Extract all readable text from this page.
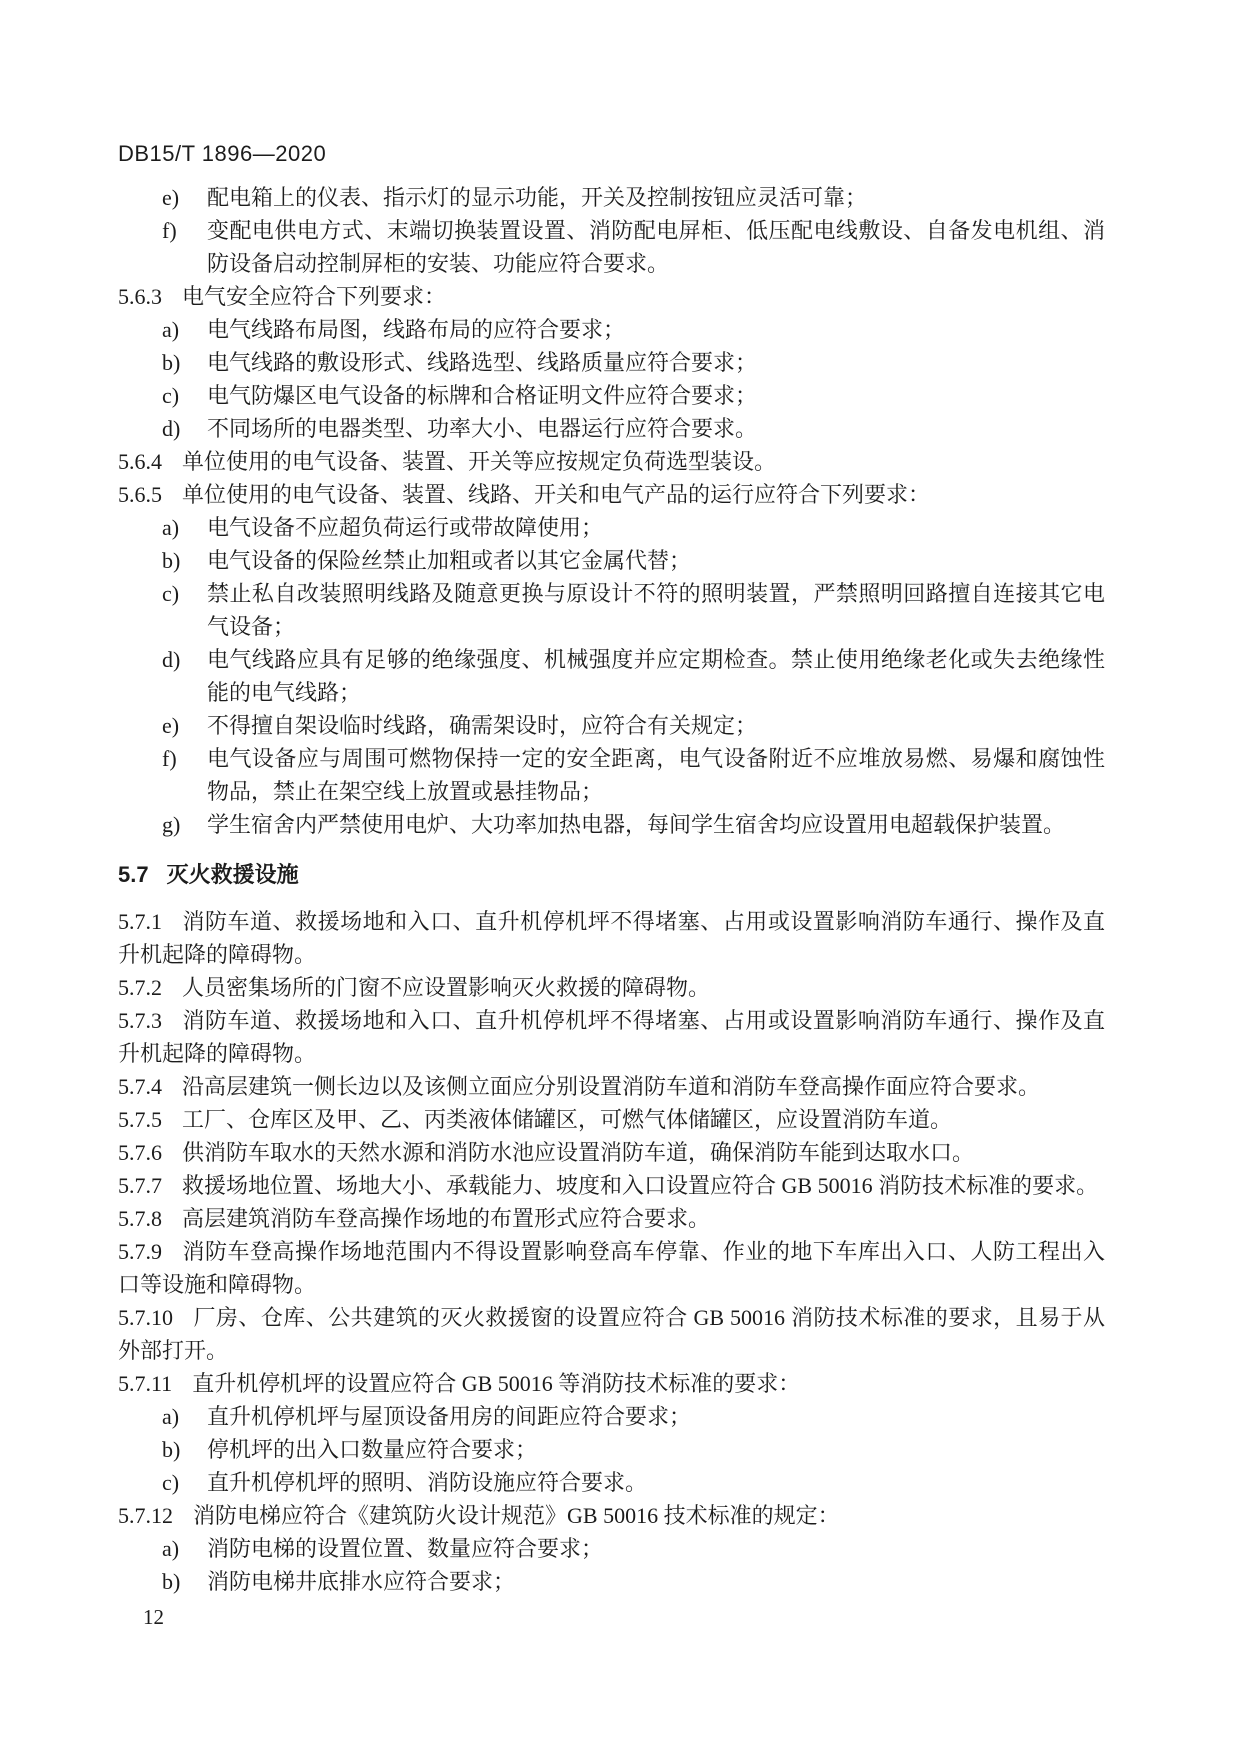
DB15/T 1896—2020
e) 配电箱上的仪表、指示灯的显示功能，开关及控制按钮应灵活可靠；
f) 变配电供电方式、末端切换装置设置、消防配电屏柜、低压配电线敷设、自备发电机组、消防设备启动控制屏柜的安装、功能应符合要求。
5.6.3 电气安全应符合下列要求：
a) 电气线路布局图，线路布局的应符合要求；
b) 电气线路的敷设形式、线路选型、线路质量应符合要求；
c) 电气防爆区电气设备的标牌和合格证明文件应符合要求；
d) 不同场所的电器类型、功率大小、电器运行应符合要求。
5.6.4 单位使用的电气设备、装置、开关等应按规定负荷选型装设。
5.6.5 单位使用的电气设备、装置、线路、开关和电气产品的运行应符合下列要求：
a) 电气设备不应超负荷运行或带故障使用；
b) 电气设备的保险丝禁止加粗或者以其它金属代替；
c) 禁止私自改装照明线路及随意更换与原设计不符的照明装置，严禁照明回路擅自连接其它电气设备；
d) 电气线路应具有足够的绝缘强度、机械强度并应定期检查。禁止使用绝缘老化或失去绝缘性能的电气线路；
e) 不得擅自架设临时线路，确需架设时，应符合有关规定；
f) 电气设备应与周围可燃物保持一定的安全距离，电气设备附近不应堆放易燃、易爆和腐蚀性物品，禁止在架空线上放置或悬挂物品；
g) 学生宿舍内严禁使用电炉、大功率加热电器，每间学生宿舍均应设置用电超载保护装置。
5.7 灭火救援设施
5.7.1 消防车道、救援场地和入口、直升机停机坪不得堵塞、占用或设置影响消防车通行、操作及直升机起降的障碍物。
5.7.2 人员密集场所的门窗不应设置影响灭火救援的障碍物。
5.7.3 消防车道、救援场地和入口、直升机停机坪不得堵塞、占用或设置影响消防车通行、操作及直升机起降的障碍物。
5.7.4 沿高层建筑一侧长边以及该侧立面应分别设置消防车道和消防车登高操作面应符合要求。
5.7.5 工厂、仓库区及甲、乙、丙类液体储罐区，可燃气体储罐区，应设置消防车道。
5.7.6 供消防车取水的天然水源和消防水池应设置消防车道，确保消防车能到达取水口。
5.7.7 救援场地位置、场地大小、承载能力、坡度和入口设置应符合 GB 50016 消防技术标准的要求。
5.7.8 高层建筑消防车登高操作场地的布置形式应符合要求。
5.7.9 消防车登高操作场地范围内不得设置影响登高车停靠、作业的地下车库出入口、人防工程出入口等设施和障碍物。
5.7.10 厂房、仓库、公共建筑的灭火救援窗的设置应符合 GB 50016 消防技术标准的要求，且易于从外部打开。
5.7.11 直升机停机坪的设置应符合 GB 50016 等消防技术标准的要求：
a) 直升机停机坪与屋顶设备用房的间距应符合要求；
b) 停机坪的出入口数量应符合要求；
c) 直升机停机坪的照明、消防设施应符合要求。
5.7.12 消防电梯应符合《建筑防火设计规范》GB 50016 技术标准的规定：
a) 消防电梯的设置位置、数量应符合要求；
b) 消防电梯井底排水应符合要求；
12
